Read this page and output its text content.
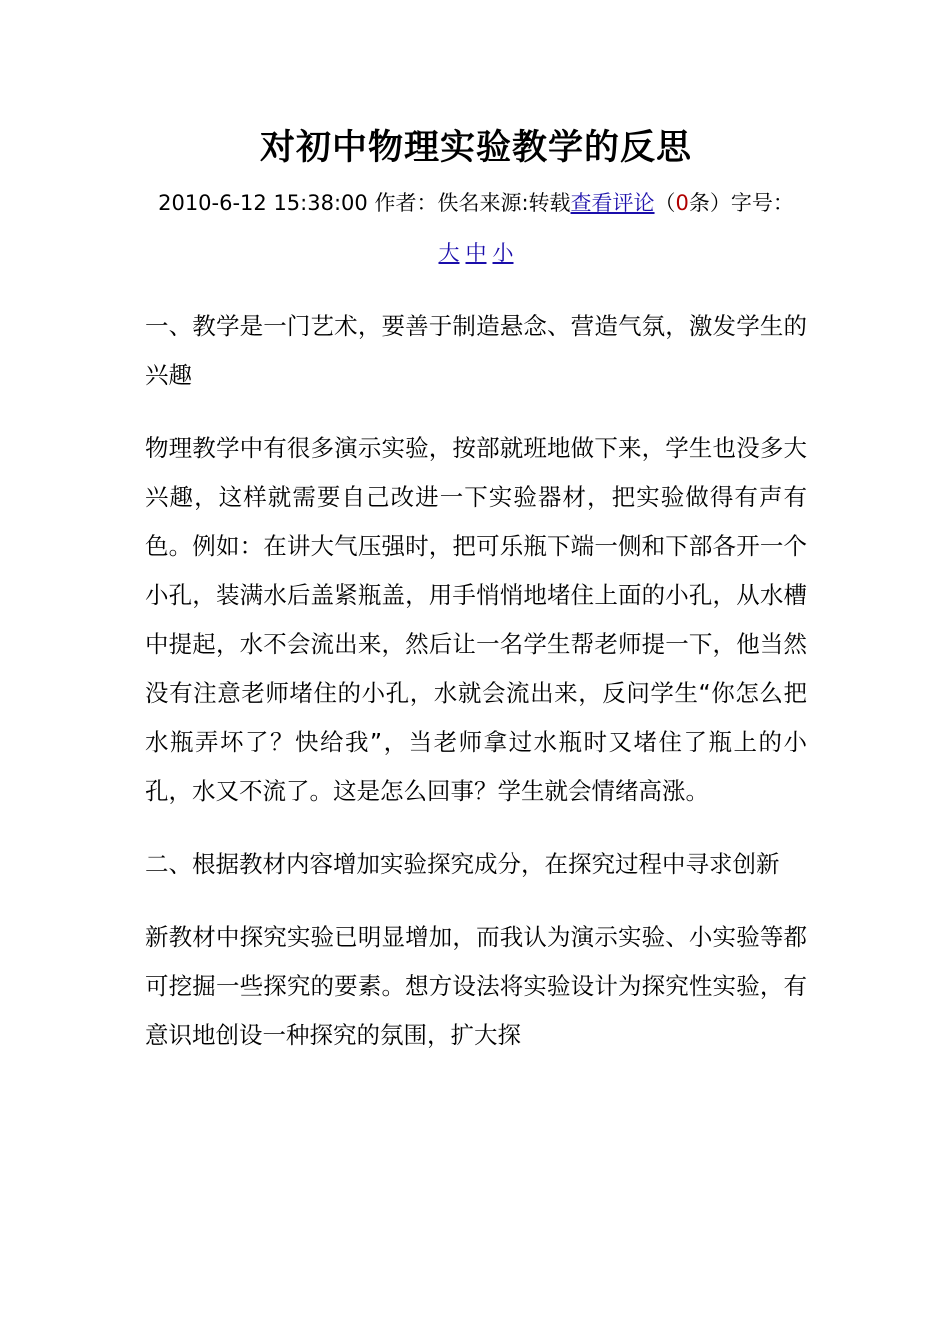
对初中物理实验教学的反思

2010-6-12 15:38:00 作者：佚名来源:转载查看评论（0条）字号：大 中 小

一、教学是一门艺术，要善于制造悬念、营造气氛，激发学生的兴趣

物理教学中有很多演示实验，按部就班地做下来，学生也没多大兴趣，这样就需要自己改进一下实验器材，把实验做得有声有色。例如：在讲大气压强时，把可乐瓶下端一侧和下部各开一个小孔，装满水后盖紧瓶盖，用手悄悄地堵住上面的小孔，从水槽中提起，水不会流出来，然后让一名学生帮老师提一下，他当然没有注意老师堵住的小孔，水就会流出来，反问学生“你怎么把水瓶弄坏了？快给我”，当老师拿过水瓶时又堵住了瓶上的小孔，水又不流了。这是怎么回事？学生就会情绪高涨。

二、根据教材内容增加实验探究成分，在探究过程中寻求创新

新教材中探究实验已明显增加，而我认为演示实验、小实验等都可挖掘一些探究的要素。想方设法将实验设计为探究性实验，有意识地创设一种探究的氛围，扩大探
